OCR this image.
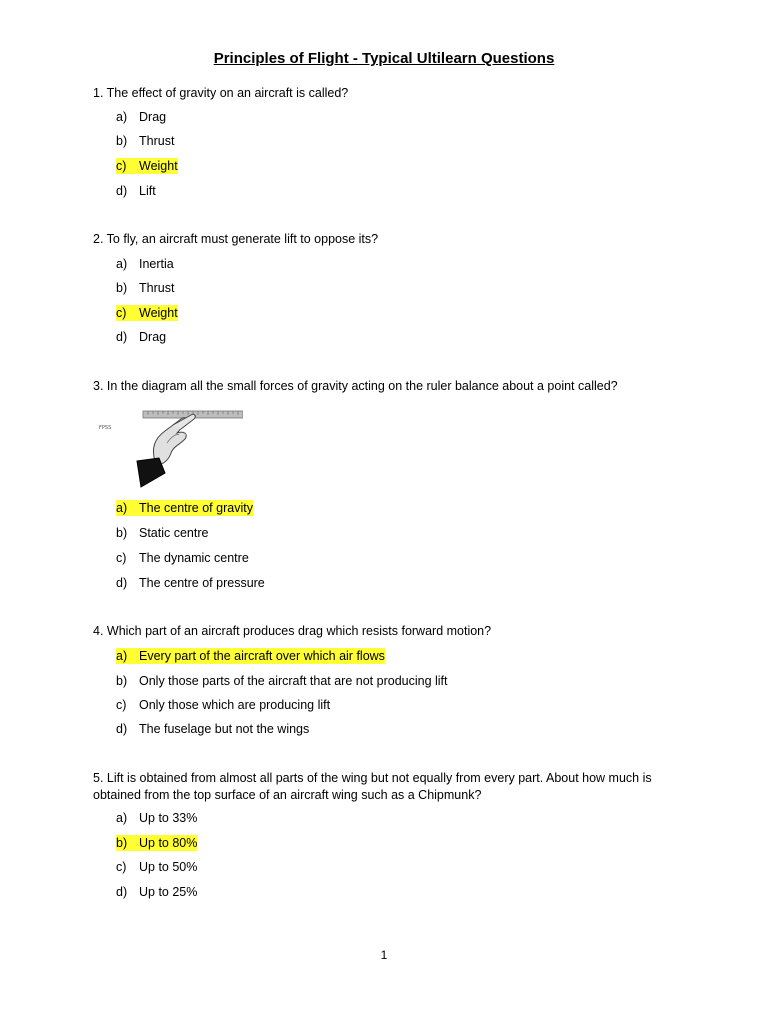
Principles of Flight - Typical Ultilearn Questions
1. The effect of gravity on an aircraft is called?
a) Drag
b) Thrust
c) Weight
d) Lift
2. To fly, an aircraft must generate lift to oppose its?
a) Inertia
b) Thrust
c) Weight
d) Drag
3. In the diagram all the small forces of gravity acting on the ruler balance about a point called?
FPSS
a) The centre of gravity
b) Static centre
c) The dynamic centre
d) The centre of pressure
4. Which part of an aircraft produces drag which resists forward motion?
a) Every part of the aircraft over which air flows
b) Only those parts of the aircraft that are not producing lift
c) Only those which are producing lift
d) The fuselage but not the wings
5. Lift is obtained from almost all parts of the wing but not equally from every part. About how much is obtained from the top surface of an aircraft wing such as a Chipmunk?
a) Up to 33%
b) Up to 80%
c) Up to 50%
d) Up to 25%
1
